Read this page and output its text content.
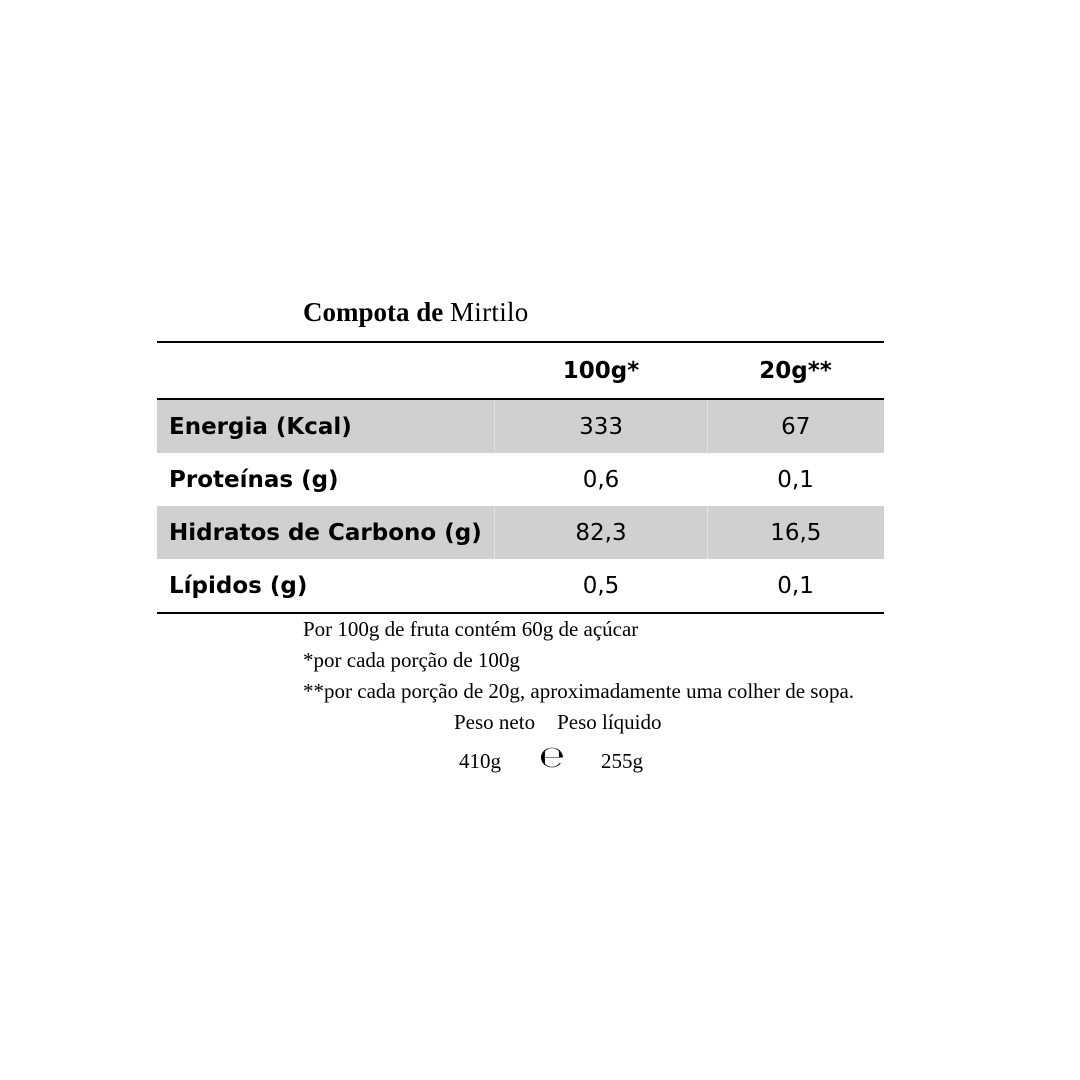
Compota de Mirtilo
	100g*	20g**
Energia (Kcal)	333	67
Proteínas (g)	0,6	0,1
Hidratos de Carbono (g)	82,3	16,5
Lípidos (g)	0,5	0,1
Por 100g de fruta contém 60g de açúcar
*por cada porção de 100g
**por cada porção de 20g, aproximadamente uma colher de sopa.
Peso neto Peso líquido
410g ℮ 255g
